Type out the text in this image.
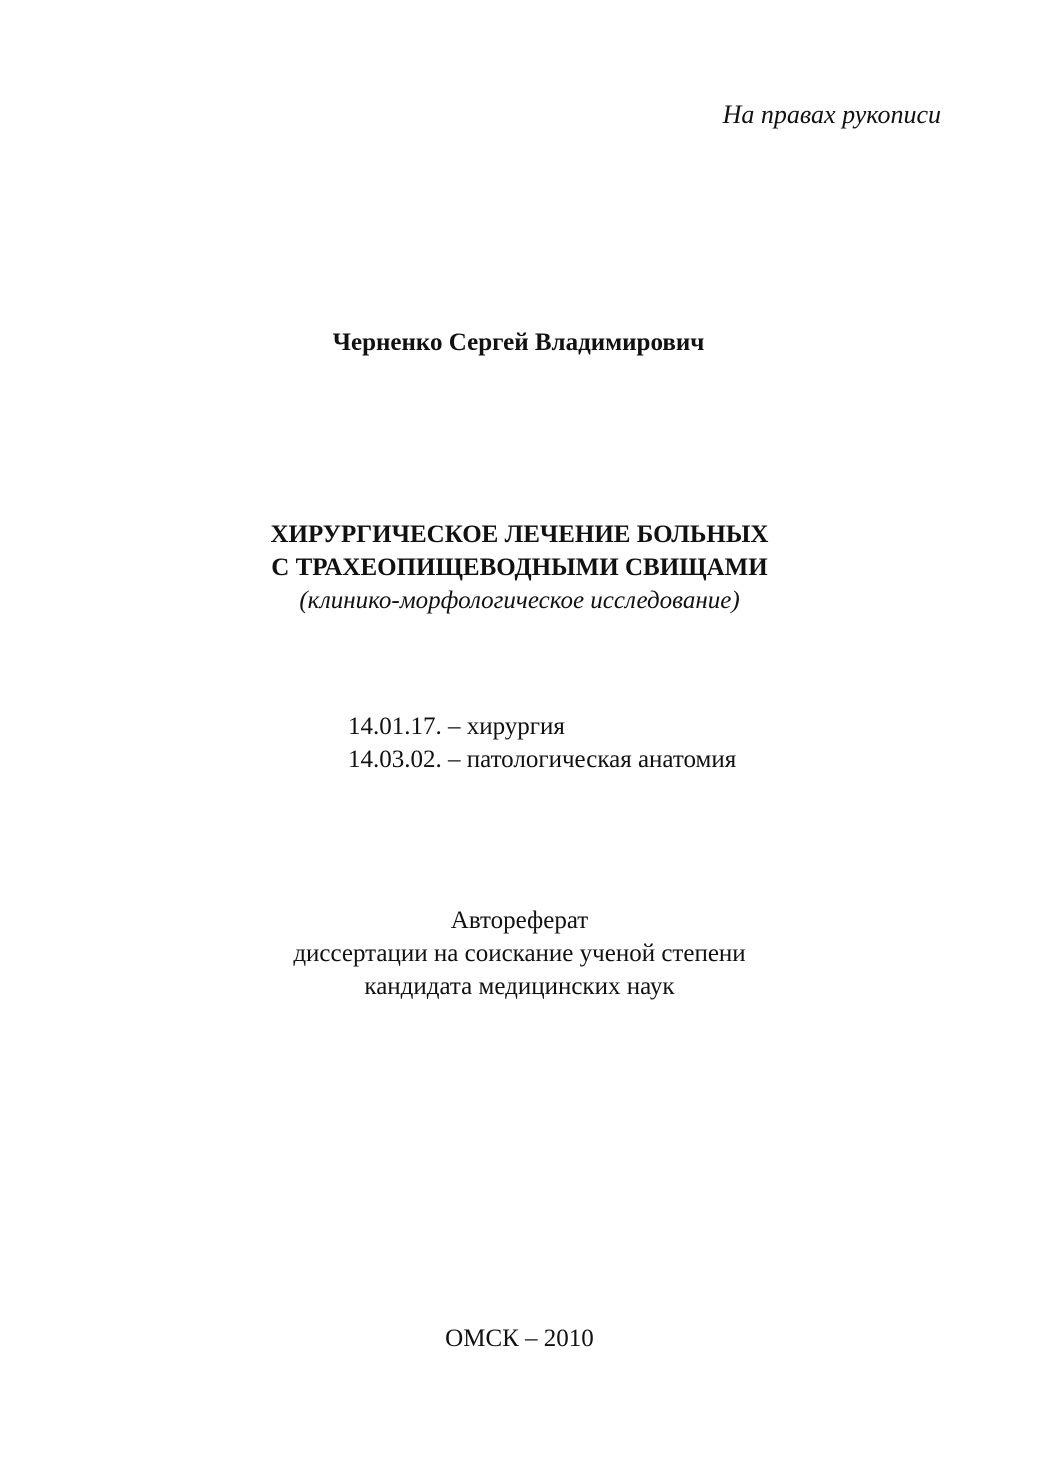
На правах рукописи
Черненко Сергей Владимирович
ХИРУРГИЧЕСКОЕ ЛЕЧЕНИЕ БОЛЬНЫХ
С ТРАХЕОПИЩЕВОДНЫМИ СВИЩАМИ
(клинико-морфологическое исследование)
14.01.17. – хирургия
14.03.02. – патологическая анатомия
Автореферат
диссертации на соискание ученой степени
кандидата медицинских наук
ОМСК – 2010
